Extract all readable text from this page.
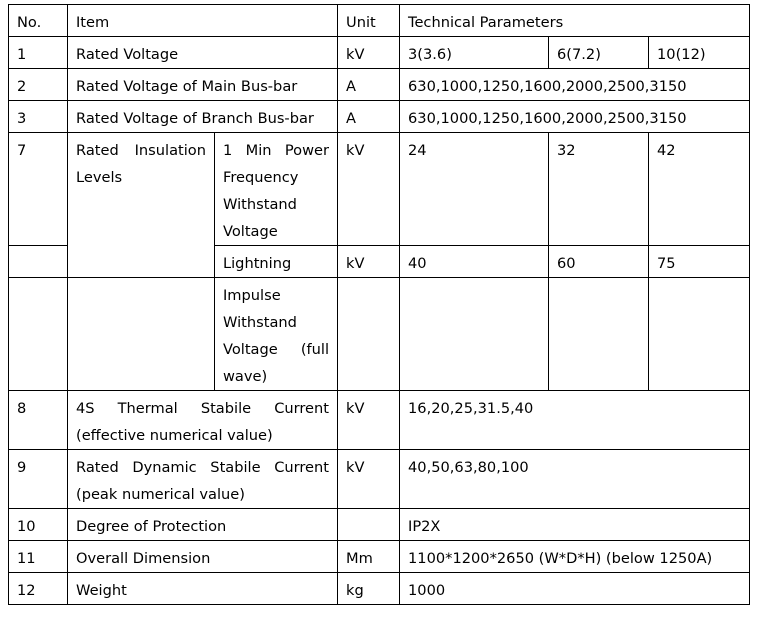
No.	Item		Unit	Technical Parameters		
1	Rated Voltage		kV	3(3.6)	6(7.2)	10(12)
2	Rated Voltage of Main Bus-bar		A	630,1000,1250,1600,2000,2500,3150		
3	Rated Voltage of Branch Bus-bar		A	630,1000,1250,1600,2000,2500,3150		
7	Rated Insulation Levels	1 Min Power Frequency Withstand Voltage	kV	24	32	42
		Lightning	kV	40	60	75
		Impulse Withstand Voltage (full wave)				
8	4S Thermal Stabile Current (effective numerical value)		kV	16,20,25,31.5,40		
9	Rated Dynamic Stabile Current (peak numerical value)		kV	40,50,63,80,100		
10	Degree of Protection			IP2X		
11	Overall Dimension		Mm	1100*1200*2650 (W*D*H) (below 1250A)		
12	Weight		kg	1000		
